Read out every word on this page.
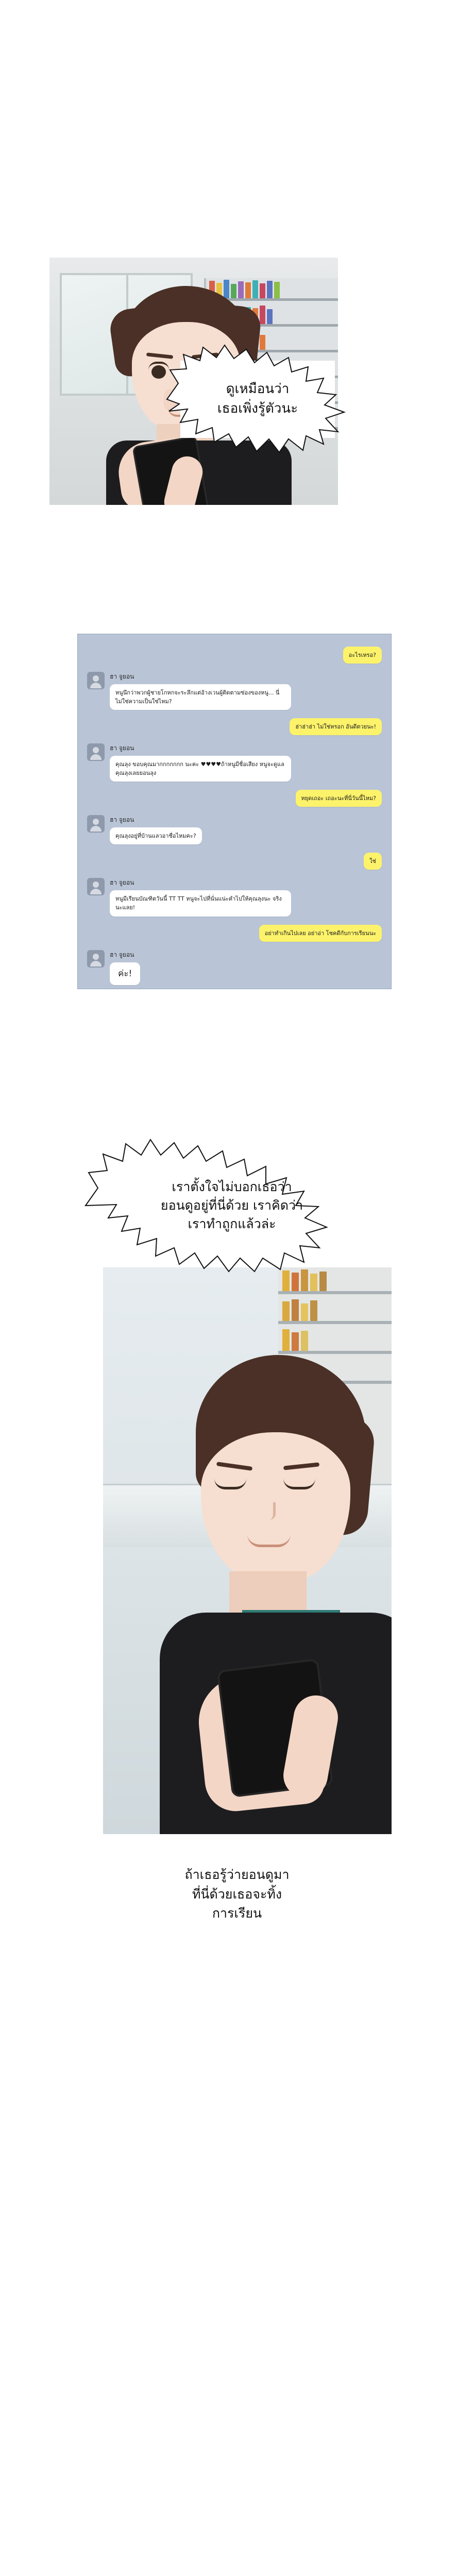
ดูเหมือนว่า
เธอเพิ่งรู้ตัวนะ
อะไรเหรอ?
ฮา จูยอน
หนูนึกว่าพวกผู้ชายโกหกจะระลึกแต่อ้างเวนผู้ติดตามซ่องของหนู... นี่ไม่ใช่ความเป็นใช่ไหม?
ฮ่าฮ่าฮ่า ไม่ใช่หรอก อันดีตวยนะ!
ฮา จูยอน
คุณลุง ขอบคุณมากกกกกกก นะคะ ♥♥♥♥ถ้าหนูมีชื่อเสียง หนูจะดูแลคุณลุงเลยยอนลุง
หยุดเถอะ เถอะนะที่นี่วันนี้ไหม?
ฮา จูยอน
คุณลุงอยู่ที่บ้านแลวอาชื่อไหมคะ?
ใช่
ฮา จูยอน
หนูมีเรียนบัณฑิตวันนี้ TT TT หนูจะไปที่นั่นแน่ะคำไปให้คุณลุงนะ จริงนะแลย!
อย่าทำเกินไปเลย อย่าอ่า โชคดีกับการเรียนนะ
ฮา จูยอน
ค่ะ!
เราตั้งใจไม่บอกเธอว่า
ยอนดูอยู่ที่นี่ด้วย เราคิดว่า
เราทำถูกแล้วล่ะ
ถ้าเธอรู้ว่ายอนดูมา
ที่นี่ด้วยเธอจะทิ้ง
การเรียน
